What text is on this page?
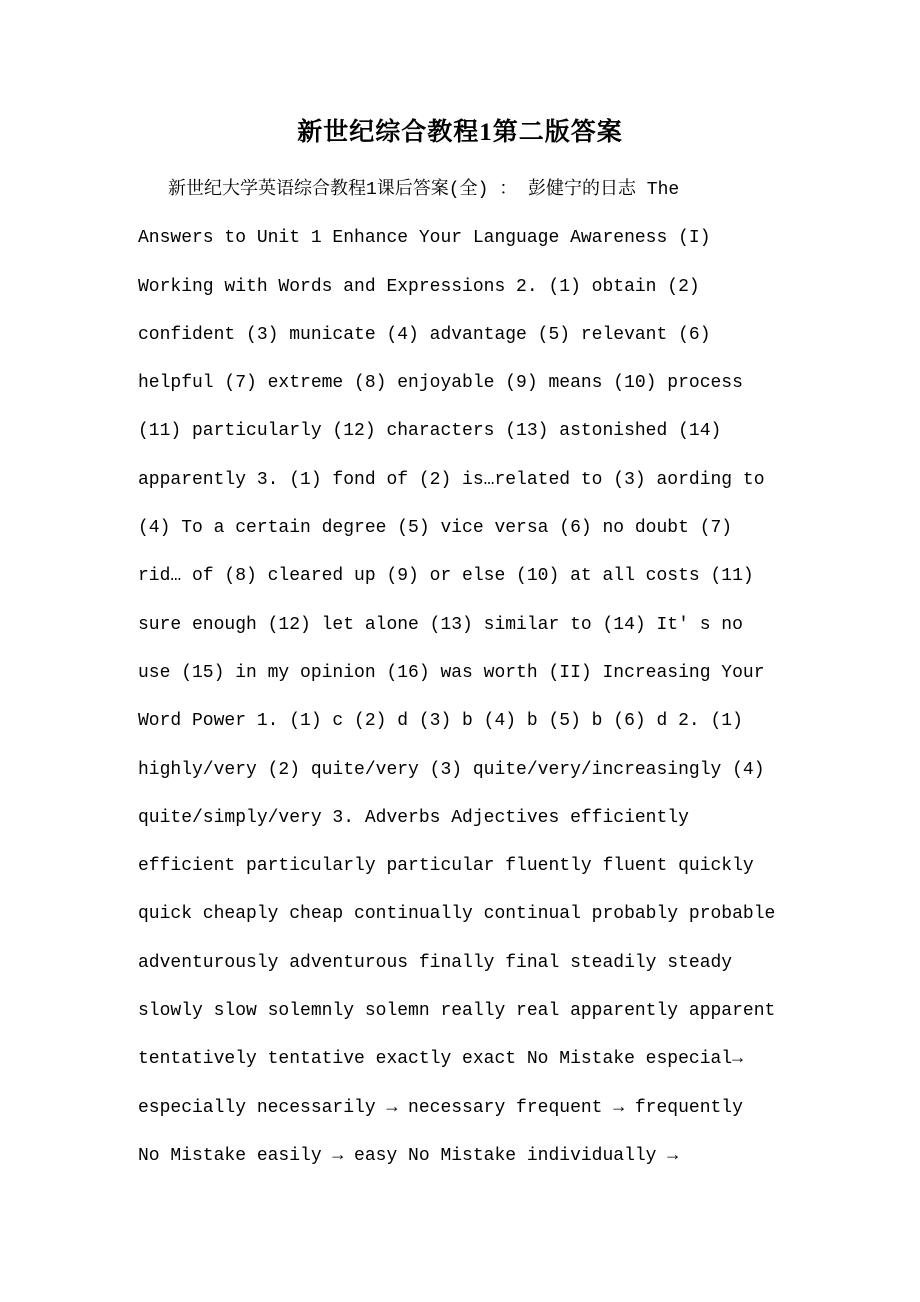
新世纪综合教程1第二版答案
新世纪大学英语综合教程1课后答案(全) ： 彭健宁的日志 The
Answers to Unit 1 Enhance Your Language Awareness (I)
Working with Words and Expressions 2. (1) obtain (2)
confident (3) municate (4) advantage (5) relevant (6)
helpful (7) extreme (8) enjoyable (9) means (10) process
(11) particularly (12) characters (13) astonished (14)
apparently 3. (1) fond of (2) is…related to (3) aording to
(4) To a certain degree (5) vice versa (6) no doubt (7)
rid… of (8) cleared up (9) or else (10) at all costs (11)
sure enough (12) let alone (13) similar to (14) It' s no
use (15) in my opinion (16) was worth (II) Increasing Your
Word Power 1. (1) c (2) d (3) b (4) b (5) b (6) d 2. (1)
highly/very (2) quite/very (3) quite/very/increasingly (4)
quite/simply/very 3. Adverbs Adjectives efficiently
efficient particularly particular fluently fluent quickly
quick cheaply cheap continually continual probably probable
adventurously adventurous finally final steadily steady
slowly slow solemnly solemn really real apparently apparent
tentatively tentative exactly exact No Mistake especial→
especially necessarily → necessary frequent → frequently
No Mistake easily → easy No Mistake individually →
